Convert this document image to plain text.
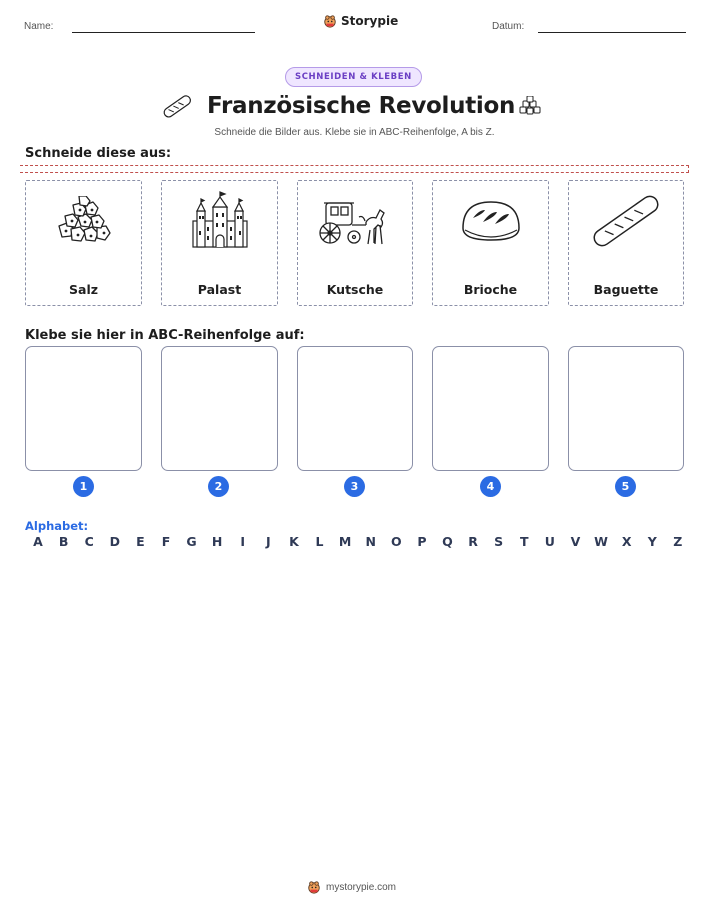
Name:	Storypie	Datum:
SCHNEIDEN & KLEBEN
Französische Revolution
Schneide die Bilder aus. Klebe sie in ABC-Reihenfolge, A bis Z.
Schneide diese aus:
Salz	Palast	Kutsche	Brioche	Baguette
Klebe sie hier in ABC-Reihenfolge auf:
1	2	3	4	5
Alphabet:
A B C D E F G H	I	J	K L M N O P Q R S T U V W X Y Z
mystorypie.com
